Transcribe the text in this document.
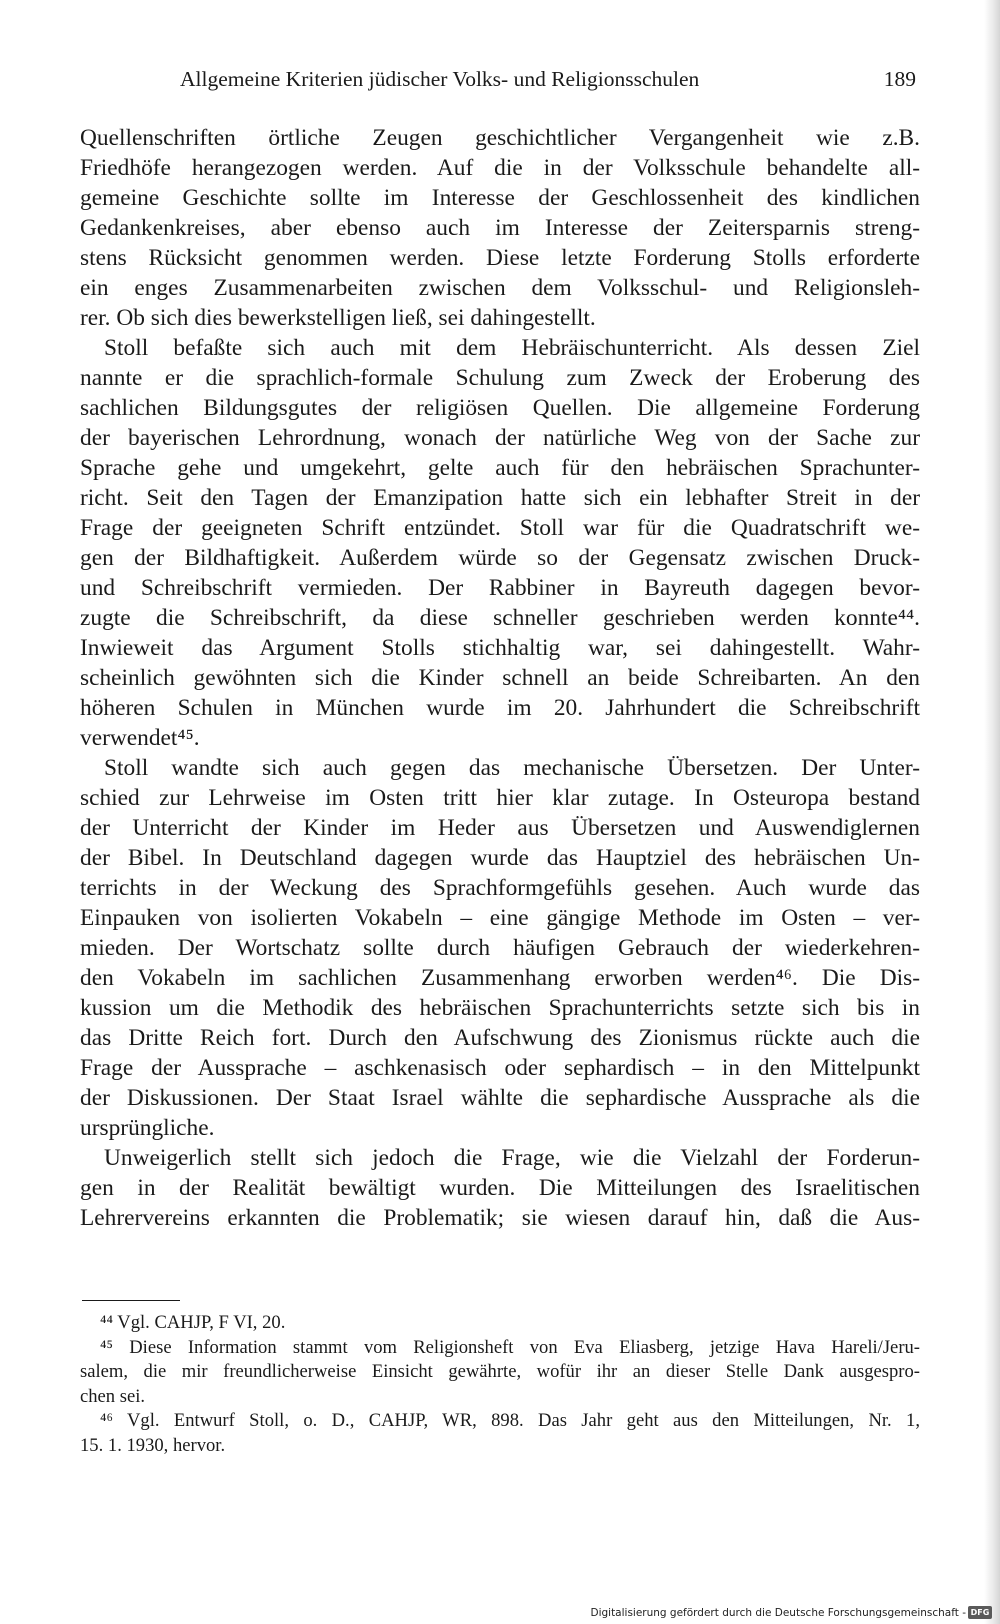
Allgemeine Kriterien jüdischer Volks- und Religionsschulen	189
Quellenschriften örtliche Zeugen geschichtlicher Vergangenheit wie z.B.
Friedhöfe herangezogen werden. Auf die in der Volksschule behandelte all-
gemeine Geschichte sollte im Interesse der Geschlossenheit des kindlichen
Gedankenkreises, aber ebenso auch im Interesse der Zeitersparnis streng-
stens Rücksicht genommen werden. Diese letzte Forderung Stolls erforderte
ein enges Zusammenarbeiten zwischen dem Volksschul- und Religionsleh-
rer. Ob sich dies bewerkstelligen ließ, sei dahingestellt.
Stoll befaßte sich auch mit dem Hebräischunterricht. Als dessen Ziel
nannte er die sprachlich-formale Schulung zum Zweck der Eroberung des
sachlichen Bildungsgutes der religiösen Quellen. Die allgemeine Forderung
der bayerischen Lehrordnung, wonach der natürliche Weg von der Sache zur
Sprache gehe und umgekehrt, gelte auch für den hebräischen Sprachunter-
richt. Seit den Tagen der Emanzipation hatte sich ein lebhafter Streit in der
Frage der geeigneten Schrift entzündet. Stoll war für die Quadratschrift we-
gen der Bildhaftigkeit. Außerdem würde so der Gegensatz zwischen Druck-
und Schreibschrift vermieden. Der Rabbiner in Bayreuth dagegen bevor-
zugte die Schreibschrift, da diese schneller geschrieben werden konnte⁴⁴.
Inwieweit das Argument Stolls stichhaltig war, sei dahingestellt. Wahr-
scheinlich gewöhnten sich die Kinder schnell an beide Schreibarten. An den
höheren Schulen in München wurde im 20. Jahrhundert die Schreibschrift
verwendet⁴⁵.
Stoll wandte sich auch gegen das mechanische Übersetzen. Der Unter-
schied zur Lehrweise im Osten tritt hier klar zutage. In Osteuropa bestand
der Unterricht der Kinder im Heder aus Übersetzen und Auswendiglernen
der Bibel. In Deutschland dagegen wurde das Hauptziel des hebräischen Un-
terrichts in der Weckung des Sprachformgefühls gesehen. Auch wurde das
Einpauken von isolierten Vokabeln – eine gängige Methode im Osten – ver-
mieden. Der Wortschatz sollte durch häufigen Gebrauch der wiederkehren-
den Vokabeln im sachlichen Zusammenhang erworben werden⁴⁶. Die Dis-
kussion um die Methodik des hebräischen Sprachunterrichts setzte sich bis in
das Dritte Reich fort. Durch den Aufschwung des Zionismus rückte auch die
Frage der Aussprache – aschkenasisch oder sephardisch – in den Mittelpunkt
der Diskussionen. Der Staat Israel wählte die sephardische Aussprache als die
ursprüngliche.
Unweigerlich stellt sich jedoch die Frage, wie die Vielzahl der Forderun-
gen in der Realität bewältigt wurden. Die Mitteilungen des Israelitischen
Lehrervereins erkannten die Problematik; sie wiesen darauf hin, daß die Aus-
⁴⁴ Vgl. CAHJP, F VI, 20.
⁴⁵ Diese Information stammt vom Religionsheft von Eva Eliasberg, jetzige Hava Hareli/Jeru-
salem, die mir freundlicherweise Einsicht gewährte, wofür ihr an dieser Stelle Dank ausgespro-
chen sei.
⁴⁶ Vgl. Entwurf Stoll, o. D., CAHJP, WR, 898. Das Jahr geht aus den Mitteilungen, Nr. 1,
15. 1. 1930, hervor.
Digitalisierung gefördert durch die Deutsche Forschungsgemeinschaft - DFG
